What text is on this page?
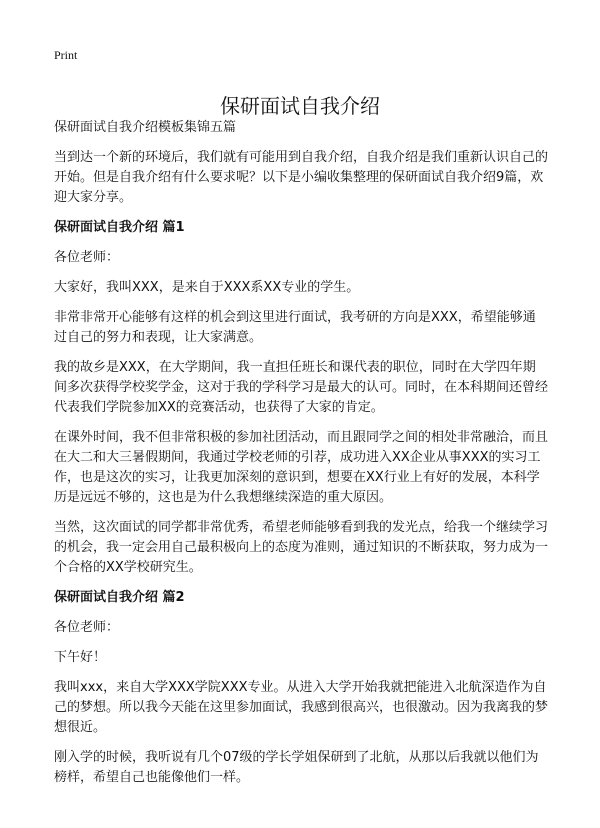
Print
保研面试自我介绍

保研面试自我介绍模板集锦五篇

当到达一个新的环境后，我们就有可能用到自我介绍，自我介绍是我们重新认识自己的开始。但是自我介绍有什么要求呢？以下是小编收集整理的保研面试自我介绍9篇，欢迎大家分享。

保研面试自我介绍 篇1

各位老师：

大家好，我叫XXX，是来自于XXX系XX专业的学生。

非常非常开心能够有这样的机会到这里进行面试，我考研的方向是XXX，希望能够通过自己的努力和表现，让大家满意。

我的故乡是XXX，在大学期间，我一直担任班长和课代表的职位，同时在大学四年期间多次获得学校奖学金，这对于我的学科学习是最大的认可。同时，在本科期间还曾经代表我们学院参加XX的竞赛活动，也获得了大家的肯定。

在课外时间，我不但非常积极的参加社团活动，而且跟同学之间的相处非常融洽，而且在大二和大三暑假期间，我通过学校老师的引荐，成功进入XX企业从事XXX的实习工作，也是这次的实习，让我更加深刻的意识到，想要在XX行业上有好的发展，本科学历是远远不够的，这也是为什么我想继续深造的重大原因。

当然，这次面试的同学都非常优秀，希望老师能够看到我的发光点，给我一个继续学习的机会，我一定会用自己最积极向上的态度为准则，通过知识的不断获取，努力成为一个合格的XX学校研究生。

保研面试自我介绍 篇2

各位老师：

下午好！

我叫xxx，来自大学XXX学院XXX专业。从进入大学开始我就把能进入北航深造作为自己的梦想。所以我今天能在这里参加面试，我感到很高兴，也很激动。因为我离我的梦想很近。

刚入学的时候，我听说有几个07级的学长学姐保研到了北航，从那以后我就以他们为榜样，希望自己也能像他们一样。
